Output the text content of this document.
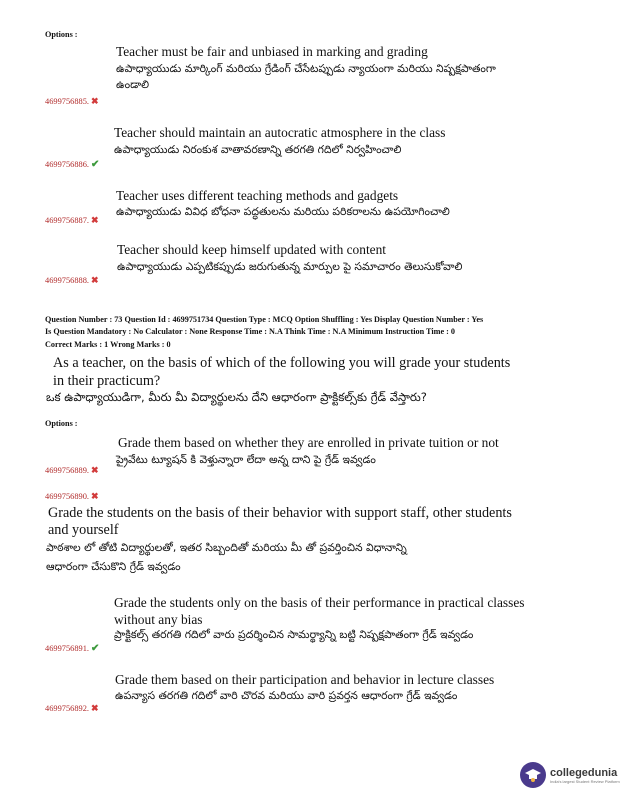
Options :
Teacher must be fair and unbiased in marking and grading
ఉపాధ్యాయుడు మార్కింగ్ మరియు గ్రేడింగ్ చేసేటప్పుడు న్యాయంగా మరియు నిష్పక్షపాతంగా
ఉండాలి
4699756885. ✖
Teacher should maintain an autocratic atmosphere in the class
ఉపాధ్యాయుడు నిరంకుశ వాతావరణాన్ని తరగతి గదిలో నిర్వహించాలి
4699756886. ✔
Teacher uses different teaching methods and gadgets
ఉపాధ్యాయుడు వివిధ బోధనా పద్ధతులను మరియు పరికరాలను ఉపయోగించాలి
4699756887. ✖
Teacher should keep himself updated with content
ఉపాధ్యాయుడు ఎప్పటికప్పుడు జరుగుతున్న మార్పుల పై సమాచారం తెలుసుకోవాలి
4699756888. ✖
Question Number : 73 Question Id : 4699751734 Question Type : MCQ Option Shuffling : Yes Display Question Number : Yes
Is Question Mandatory : No Calculator : None Response Time : N.A Think Time : N.A Minimum Instruction Time : 0
Correct Marks : 1 Wrong Marks : 0
As a teacher, on the basis of which of the following you will grade your students
in their practicum?
ఒక ఉపాధ్యాయుడిగా, మీరు మీ విద్యార్థులను దేని ఆధారంగా ప్రాక్టికల్స్‌కు గ్రేడ్ వేస్తారు?
Options :
Grade them based on whether they are enrolled in private tuition or not
ప్రైవేటు ట్యూషన్ కి వెళ్తున్నారా లేదా అన్న దాని పై గ్రేడ్ ఇవ్వడం
4699756889. ✖
4699756890. ✖
Grade the students on the basis of their behavior with support staff, other students
and yourself
పాఠశాల లో తోటి విద్యార్థులతో, ఇతర సిబ్బందితో మరియు మీ తో ప్రవర్తించిన విధానాన్ని
ఆధారంగా చేసుకొని గ్రేడ్ ఇవ్వడం
Grade the students only on the basis of their performance in practical classes
without any bias
ప్రాక్టికల్స్ తరగతి గదిలో వారు ప్రదర్శించిన సామర్థ్యాన్ని బట్టి నిష్పక్షపాతంగా గ్రేడ్ ఇవ్వడం
4699756891. ✔
Grade them based on their participation and behavior in lecture classes
ఉపన్యాస తరగతి గదిలో వారి చొరవ మరియు వారి ప్రవర్తన ఆధారంగా గ్రేడ్ ఇవ్వడం
4699756892. ✖
collegedunia
India's largest Student Review Platform
